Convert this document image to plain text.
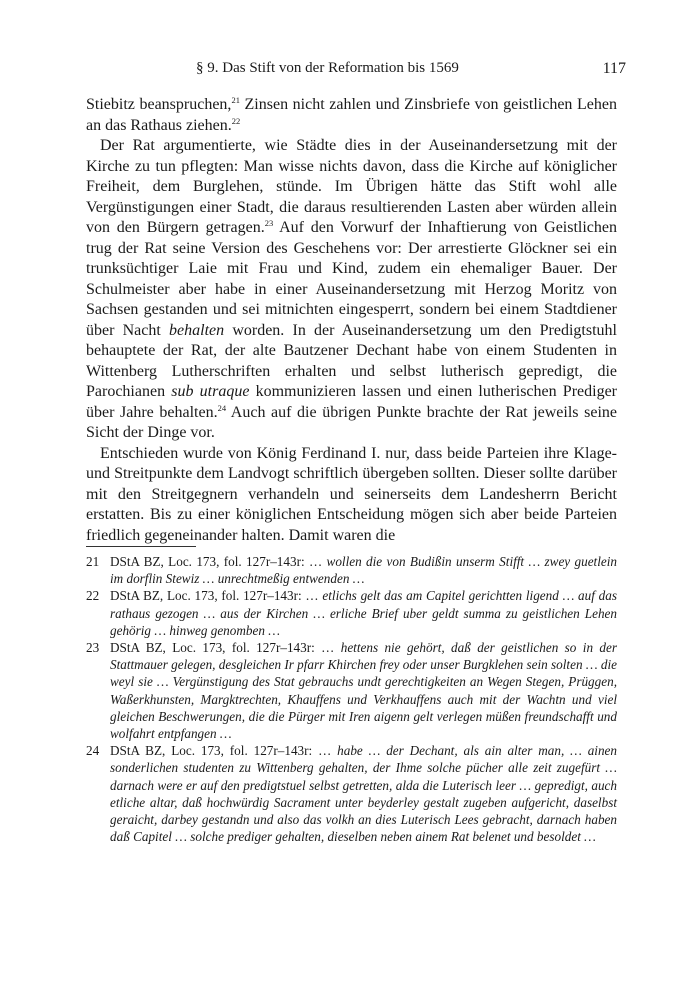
§ 9. Das Stift von der Reformation bis 1569	117

Stiebitz beanspruchen,$^{21}$ Zinsen nicht zahlen und Zinsbriefe von geistlichen Lehen an das Rathaus ziehen.$^{22}$

Der Rat argumentierte, wie Städte dies in der Auseinandersetzung mit der Kirche zu tun pflegten: Man wisse nichts davon, dass die Kirche auf königlicher Freiheit, dem Burglehen, stünde. Im Übrigen hätte das Stift wohl alle Vergünstigungen einer Stadt, die daraus resultierenden Lasten aber würden allein von den Bürgern getragen.$^{23}$ Auf den Vorwurf der Inhaftierung von Geistlichen trug der Rat seine Version des Geschehens vor: Der arrestierte Glöckner sei ein trunksüchtiger Laie mit Frau und Kind, zudem ein ehemaliger Bauer. Der Schulmeister aber habe in einer Auseinandersetzung mit Herzog Moritz von Sachsen gestanden und sei mitnichten eingesperrt, sondern bei einem Stadtdiener über Nacht behalten worden. In der Auseinandersetzung um den Predigtstuhl behauptete der Rat, der alte Bautzener Dechant habe von einem Studenten in Wittenberg Lutherschriften erhalten und selbst lutherisch gepredigt, die Parochianen sub utraque kommunizieren lassen und einen lutherischen Prediger über Jahre behalten.$^{24}$ Auch auf die übrigen Punkte brachte der Rat jeweils seine Sicht der Dinge vor.

Entschieden wurde von König Ferdinand I. nur, dass beide Parteien ihre Klage- und Streitpunkte dem Landvogt schriftlich übergeben sollten. Dieser sollte darüber mit den Streitgegnern verhandeln und seinerseits dem Landesherrn Bericht erstatten. Bis zu einer königlichen Entscheidung mögen sich aber beide Parteien friedlich gegeneinander halten. Damit waren die

21 DStA BZ, Loc. 173, fol. 127r–143r: … wollen die von Budißin unserm Stifft … zwey guetlein im dorflin Stewiz … unrechtmeßig entwenden …
22 DStA BZ, Loc. 173, fol. 127r–143r: … etlichs gelt das am Capitel gerichtten ligend … auf das rathaus gezogen … aus der Kirchen … erliche Brief uber geldt summa zu geistlichen Lehen gehörig … hinweg genomben …
23 DStA BZ, Loc. 173, fol. 127r–143r: … hettens nie gehört, daß der geistlichen so in der Stattmauer gelegen, desgleichen Ir pfarr Khirchen frey oder unser Burgklehen sein solten … die weyl sie … Vergünstigung des Stat gebrauchs undt gerechtigkeiten an Wegen Stegen, Prüggen, Waßerkhunsten, Margktrechten, Khauffens und Verkhauffens auch mit der Wachtn und viel gleichen Beschwerungen, die die Pürger mit Iren aigenn gelt verlegen müßen freundschafft und wolfahrt entpfangen …
24 DStA BZ, Loc. 173, fol. 127r–143r: … habe … der Dechant, als ain alter man, … ainen sonderlichen studenten zu Wittenberg gehalten, der Ihme solche pücher alle zeit zugefürt … darnach were er auf den predigtstuel selbst getretten, alda die Luterisch leer … gepredigt, auch etliche altar, daß hochwürdig Sacrament unter beyderley gestalt zugeben aufgericht, daselbst geraicht, darbey gestandn und also das volkh an dies Luterisch Lees gebracht, darnach haben daß Capitel … solche prediger gehalten, dieselben neben ainem Rat belenet und besoldet …
